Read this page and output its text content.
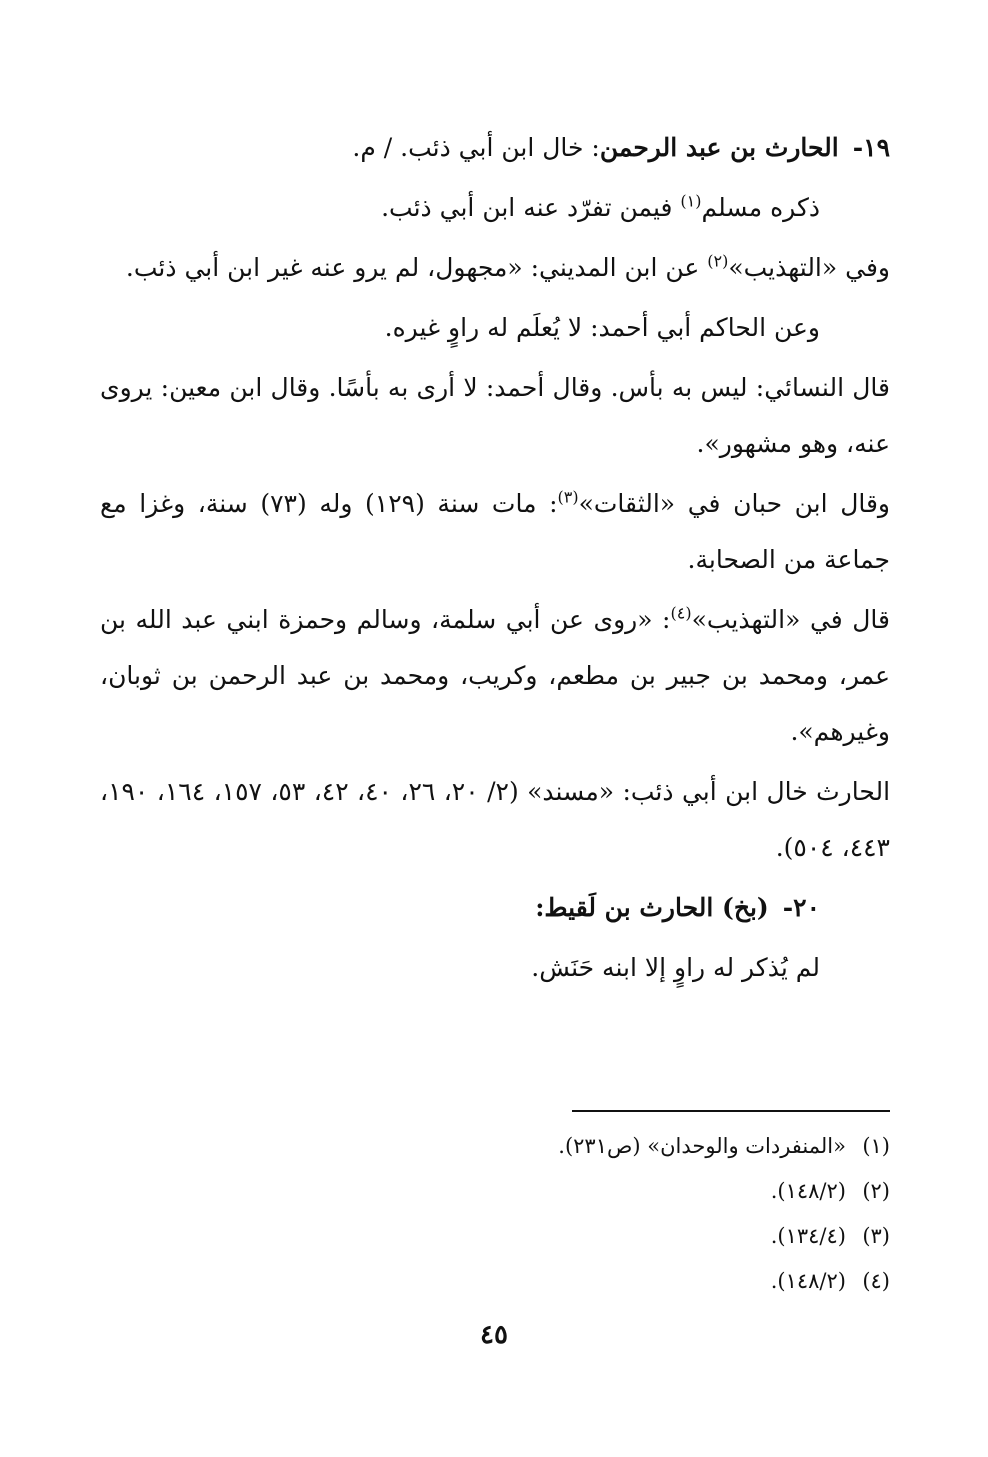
١٩-الحارث بن عبد الرحمن: خال ابن أبي ذئب. / م.

ذكره مسلم$^{(١)}$ فيمن تفرّد عنه ابن أبي ذئب.

وفي «التهذيب»$^{(٢)}$ عن ابن المديني: «مجهول، لم يرو عنه غير ابن أبي ذئب.

وعن الحاكم أبي أحمد: لا يُعلَم له راوٍ غيره.

قال النسائي: ليس به بأس. وقال أحمد: لا أرى به بأسًا. وقال ابن معين: يروى عنه، وهو مشهور».

وقال ابن حبان في «الثقات»$^{(٣)}$: مات سنة (١٢٩) وله (٧٣) سنة، وغزا مع جماعة من الصحابة.

قال في «التهذيب»$^{(٤)}$: «روى عن أبي سلمة، وسالم وحمزة ابني عبد الله بن عمر، ومحمد بن جبير بن مطعم، وكريب، ومحمد بن عبد الرحمن بن ثوبان، وغيرهم».

الحارث خال ابن أبي ذئب: «مسند» (٢/ ٢٠، ٢٦، ٤٠، ٤٢، ٥٣، ١٥٧، ١٦٤، ١٩٠، ٤٤٣، ٥٠٤).

٢٠-(بخ) الحارث بن لَقيط:

لم يُذكر له راوٍ إلا ابنه حَنَش.

(١)«المنفردات والوحدان» (ص٢٣١).
(٢)(١٤٨/٢).
(٣)(١٣٤/٤).
(٤)(١٤٨/٢).
٤٥
